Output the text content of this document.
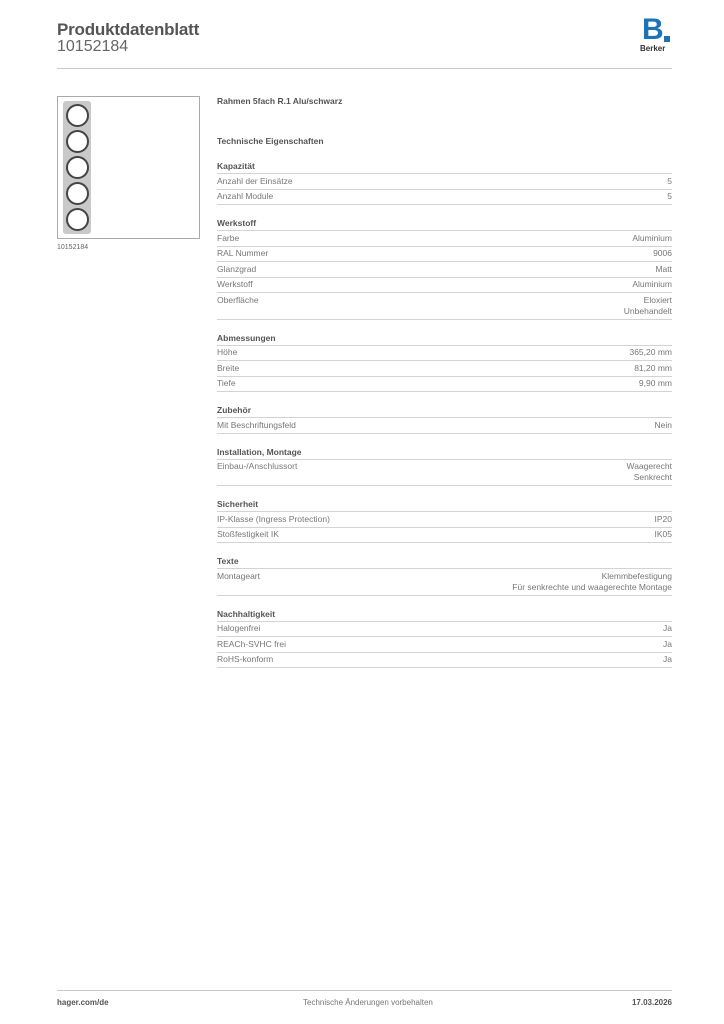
Produktdatenblatt
10152184
B
Berker
10152184
Rahmen 5fach R.1 Alu/schwarz
Technische Eigenschaften
Kapazität
Anzahl der Einsätze	5
Anzahl Module	5
Werkstoff
Farbe	Aluminium
RAL Nummer	9006
Glanzgrad	Matt
Werkstoff	Aluminium
Oberfläche	Eloxiert
Unbehandelt
Abmessungen
Höhe	365,20 mm
Breite	81,20 mm
Tiefe	9,90 mm
Zubehör
Mit Beschriftungsfeld	Nein
Installation, Montage
Einbau-/Anschlussort	Waagerecht
Senkrecht
Sicherheit
IP-Klasse (Ingress Protection)	IP20
Stoßfestigkeit IK	IK05
Texte
Montageart	Klemmbefestigung
Für senkrechte und waagerechte Montage
Nachhaltigkeit
Halogenfrei	Ja
REACh-SVHC frei	Ja
RoHS-konform	Ja
hager.com/de	Technische Änderungen vorbehalten	17.03.2026
